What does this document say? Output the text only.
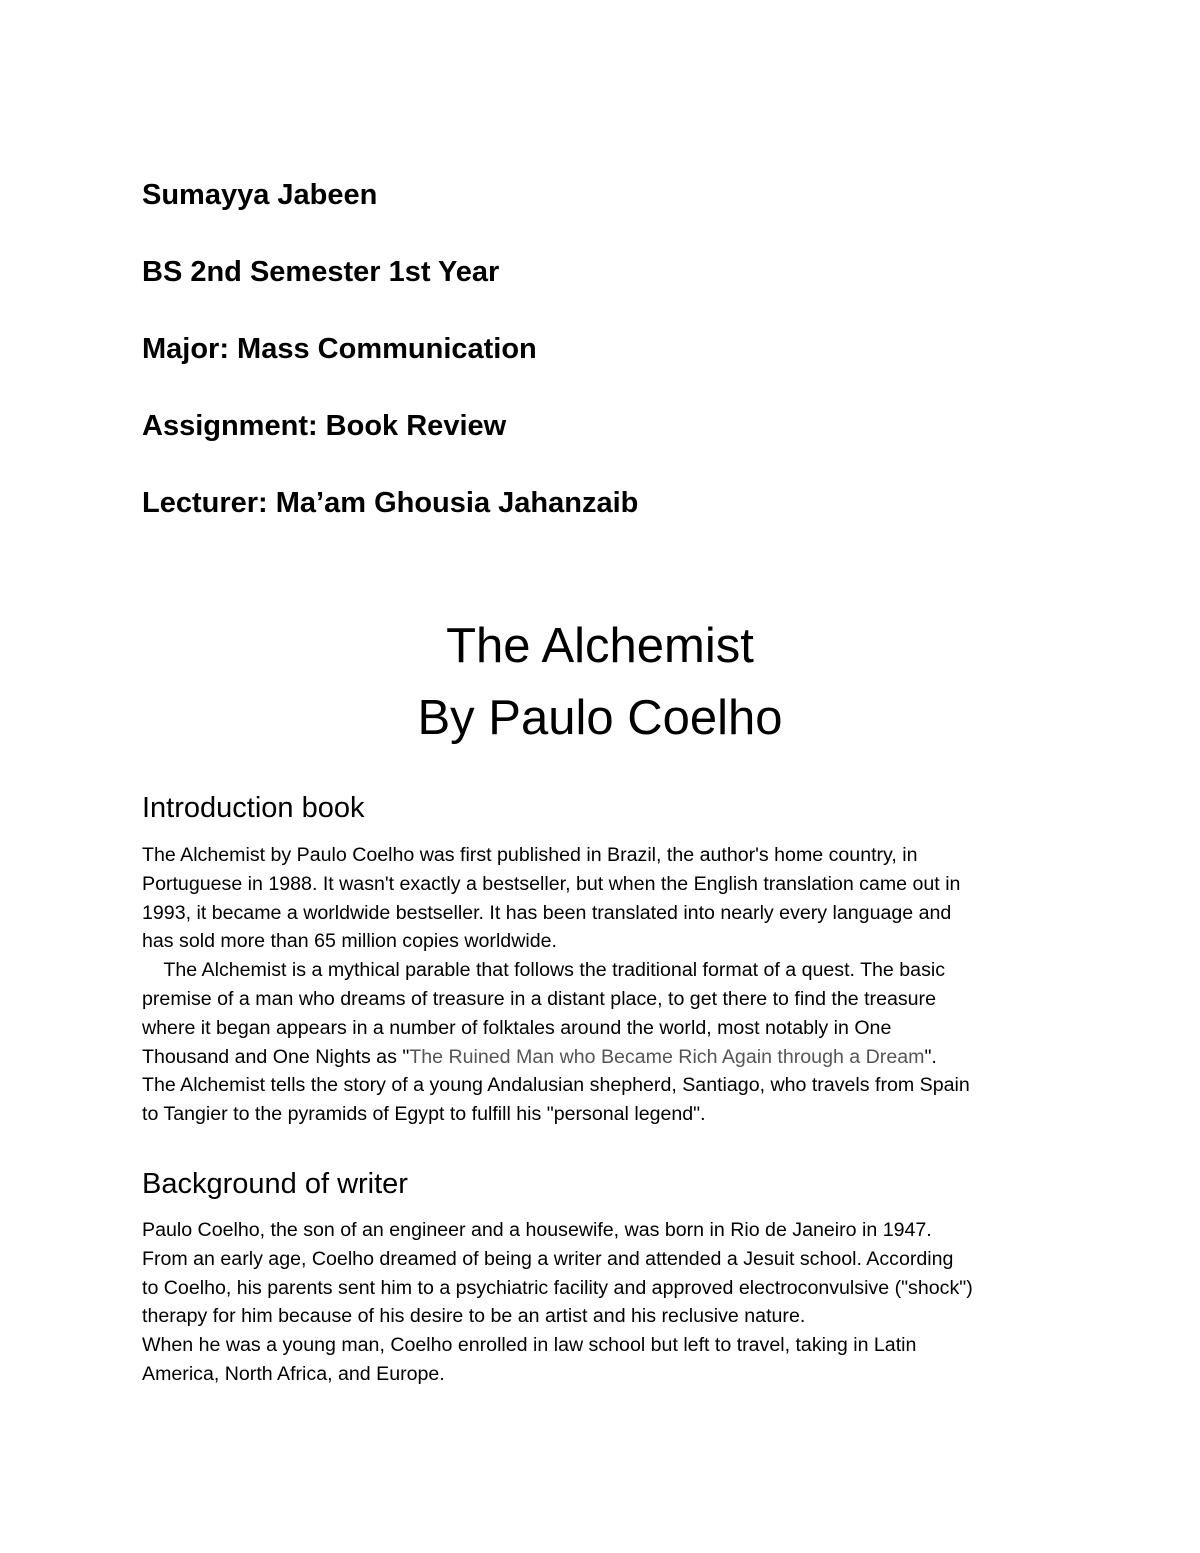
Sumayya Jabeen

BS 2nd Semester 1st Year

Major: Mass Communication

Assignment: Book Review

Lecturer: Ma’am Ghousia Jahanzaib

The Alchemist
By Paulo Coelho
Introduction book
The Alchemist by Paulo Coelho was first published in Brazil, the author's home country, in
Portuguese in 1988. It wasn't exactly a bestseller, but when the English translation came out in
1993, it became a worldwide bestseller. It has been translated into nearly every language and
has sold more than 65 million copies worldwide.
The Alchemist is a mythical parable that follows the traditional format of a quest. The basic
premise of a man who dreams of treasure in a distant place, to get there to find the treasure
where it began appears in a number of folktales around the world, most notably in One
Thousand and One Nights as "The Ruined Man who Became Rich Again through a Dream".
The Alchemist tells the story of a young Andalusian shepherd, Santiago, who travels from Spain
to Tangier to the pyramids of Egypt to fulfill his "personal legend".
Background of writer
Paulo Coelho, the son of an engineer and a housewife, was born in Rio de Janeiro in 1947.
From an early age, Coelho dreamed of being a writer and attended a Jesuit school. According
to Coelho, his parents sent him to a psychiatric facility and approved electroconvulsive ("shock")
therapy for him because of his desire to be an artist and his reclusive nature.
When he was a young man, Coelho enrolled in law school but left to travel, taking in Latin
America, North Africa, and Europe.
